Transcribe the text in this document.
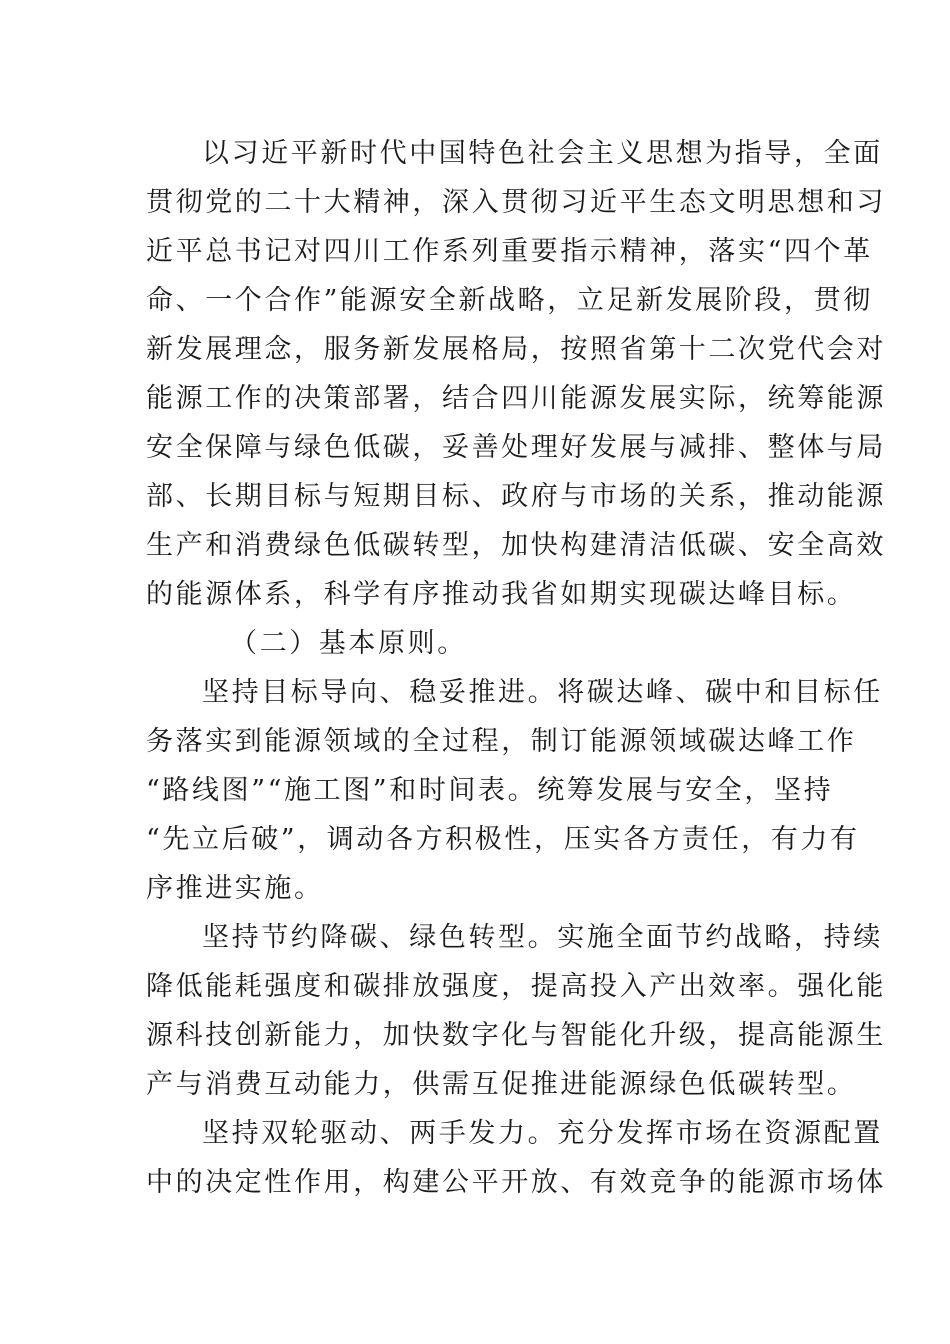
以习近平新时代中国特色社会主义思想为指导，全面
贯彻党的二十大精神，深入贯彻习近平生态文明思想和习
近平总书记对四川工作系列重要指示精神，落实“四个革
命、一个合作”能源安全新战略，立足新发展阶段，贯彻
新发展理念，服务新发展格局，按照省第十二次党代会对
能源工作的决策部署，结合四川能源发展实际，统筹能源
安全保障与绿色低碳，妥善处理好发展与减排、整体与局
部、长期目标与短期目标、政府与市场的关系，推动能源
生产和消费绿色低碳转型，加快构建清洁低碳、安全高效
的能源体系，科学有序推动我省如期实现碳达峰目标。
（二）基本原则。
坚持目标导向、稳妥推进。将碳达峰、碳中和目标任
务落实到能源领域的全过程，制订能源领域碳达峰工作
“路线图”“施工图”和时间表。统筹发展与安全，坚持
“先立后破”，调动各方积极性，压实各方责任，有力有
序推进实施。
坚持节约降碳、绿色转型。实施全面节约战略，持续
降低能耗强度和碳排放强度，提高投入产出效率。强化能
源科技创新能力，加快数字化与智能化升级，提高能源生
产与消费互动能力，供需互促推进能源绿色低碳转型。
坚持双轮驱动、两手发力。充分发挥市场在资源配置
中的决定性作用，构建公平开放、有效竞争的能源市场体
